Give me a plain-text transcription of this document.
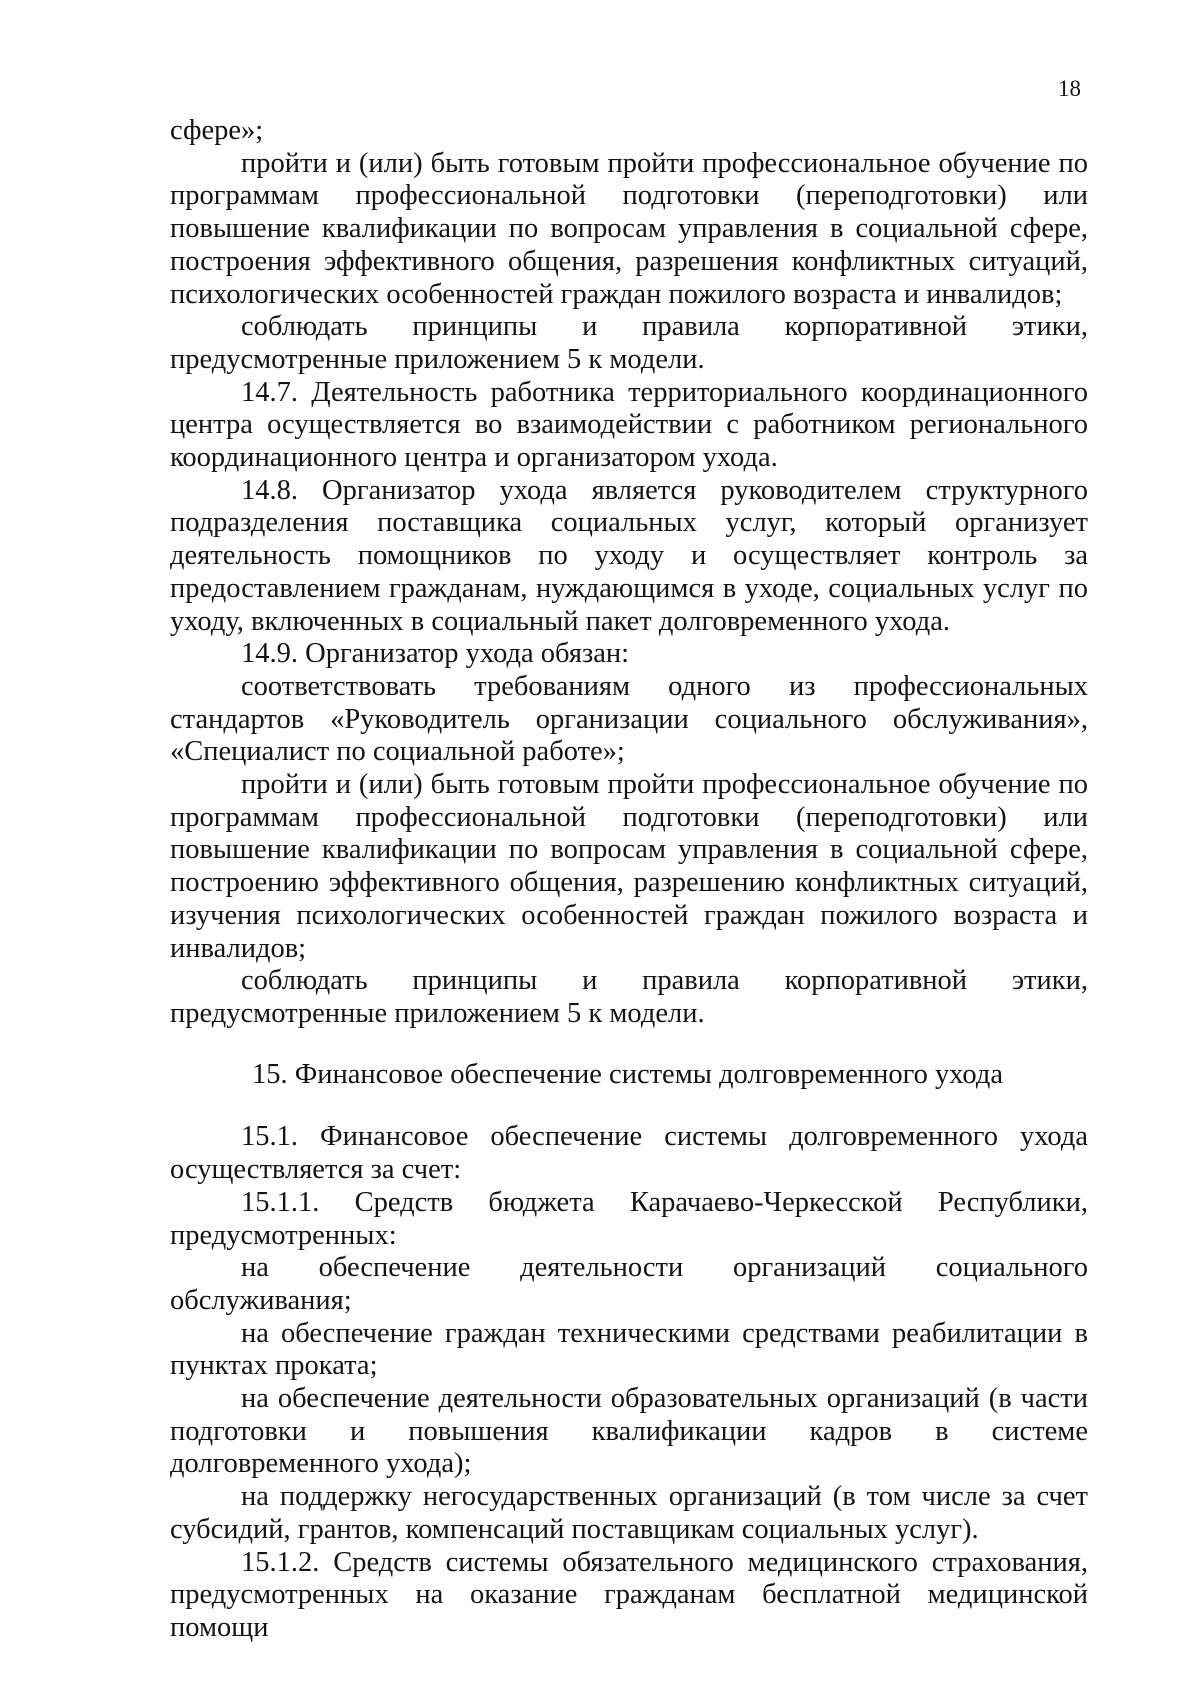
18

сфере»;

пройти и (или) быть готовым пройти профессиональное обучение по программам профессиональной подготовки (переподготовки) или повышение квалификации по вопросам управления в социальной сфере, построения эффективного общения, разрешения конфликтных ситуаций, психологических особенностей граждан пожилого возраста и инвалидов;

соблюдать принципы и правила корпоративной этики, предусмотренные приложением 5 к модели.

14.7. Деятельность работника территориального координационного центра осуществляется во взаимодействии с работником регионального координационного центра и организатором ухода.

14.8. Организатор ухода является руководителем структурного подразделения поставщика социальных услуг, который организует деятельность помощников по уходу и осуществляет контроль за предоставлением гражданам, нуждающимся в уходе, социальных услуг по уходу, включенных в социальный пакет долговременного ухода.

14.9. Организатор ухода обязан:

соответствовать требованиям одного из профессиональных стандартов «Руководитель организации социального обслуживания», «Специалист по социальной работе»;

пройти и (или) быть готовым пройти профессиональное обучение по программам профессиональной подготовки (переподготовки) или повышение квалификации по вопросам управления в социальной сфере, построению эффективного общения, разрешению конфликтных ситуаций, изучения психологических особенностей граждан пожилого возраста и инвалидов;

соблюдать принципы и правила корпоративной этики, предусмотренные приложением 5 к модели.

15. Финансовое обеспечение системы долговременного ухода

15.1. Финансовое обеспечение системы долговременного ухода осуществляется за счет:

15.1.1. Средств бюджета Карачаево-Черкесской Республики, предусмотренных:

на обеспечение деятельности организаций социального обслуживания;

на обеспечение граждан техническими средствами реабилитации в пунктах проката;

на обеспечение деятельности образовательных организаций (в части подготовки и повышения квалификации кадров в системе долговременного ухода);

на поддержку негосударственных организаций (в том числе за счет субсидий, грантов, компенсаций поставщикам социальных услуг).

15.1.2. Средств системы обязательного медицинского страхования, предусмотренных на оказание гражданам бесплатной медицинской помощи
